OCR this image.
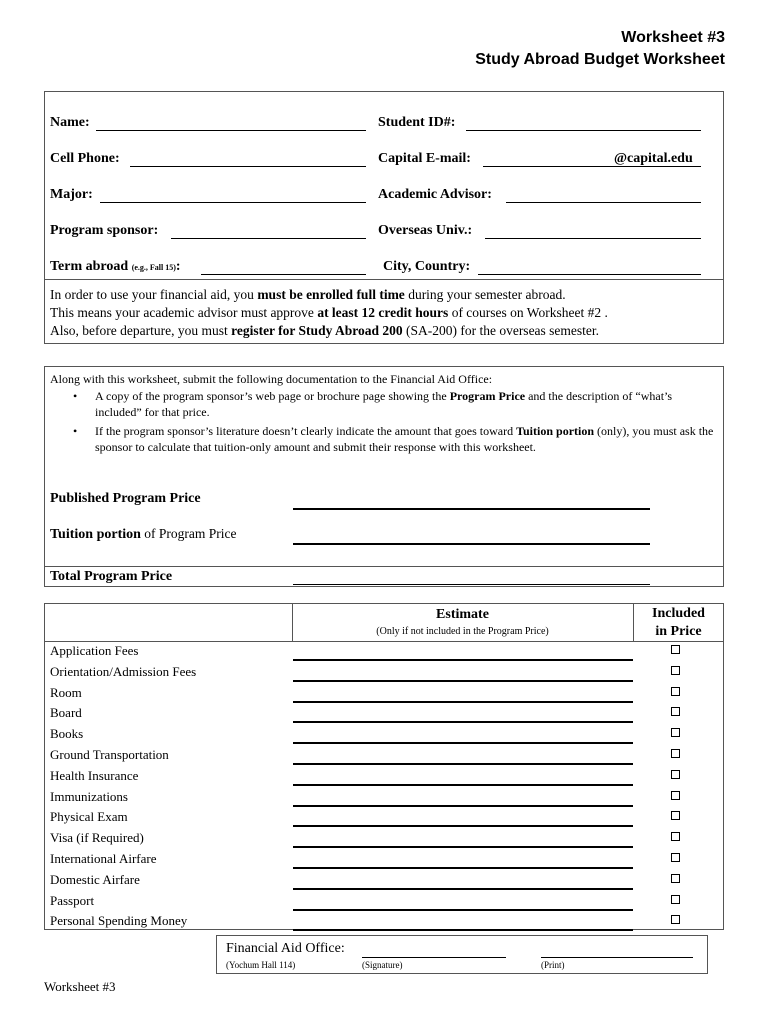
Worksheet #3
Study Abroad Budget Worksheet
Name:	Student ID#:
Cell Phone:	Capital E-mail:	@capital.edu
Major:	Academic Advisor:
Program sponsor:	Overseas Univ.:
Term abroad (e.g., Fall 15):	City, Country:
In order to use your financial aid, you must be enrolled full time during your semester abroad.
This means your academic advisor must approve at least 12 credit hours of courses on Worksheet #2 .
Also, before departure, you must register for Study Abroad 200 (SA-200) for the overseas semester.
Along with this worksheet, submit the following documentation to the Financial Aid Office:
• A copy of the program sponsor’s web page or brochure page showing the Program Price and the description of “what’s included” for that price.
• If the program sponsor’s literature doesn’t clearly indicate the amount that goes toward Tuition portion (only), you must ask the sponsor to calculate that tuition-only amount and submit their response with this worksheet.
Published Program Price
Tuition portion of Program Price
Total Program Price
Estimate
(Only if not included in the Program Price)
Included
in Price
Application Fees
Orientation/Admission Fees
Room
Board
Books
Ground Transportation
Health Insurance
Immunizations
Physical Exam
Visa (if Required)
International Airfare
Domestic Airfare
Passport
Personal Spending Money
Financial Aid Office:
(Yochum Hall 114)	(Signature)	(Print)
Worksheet #3
